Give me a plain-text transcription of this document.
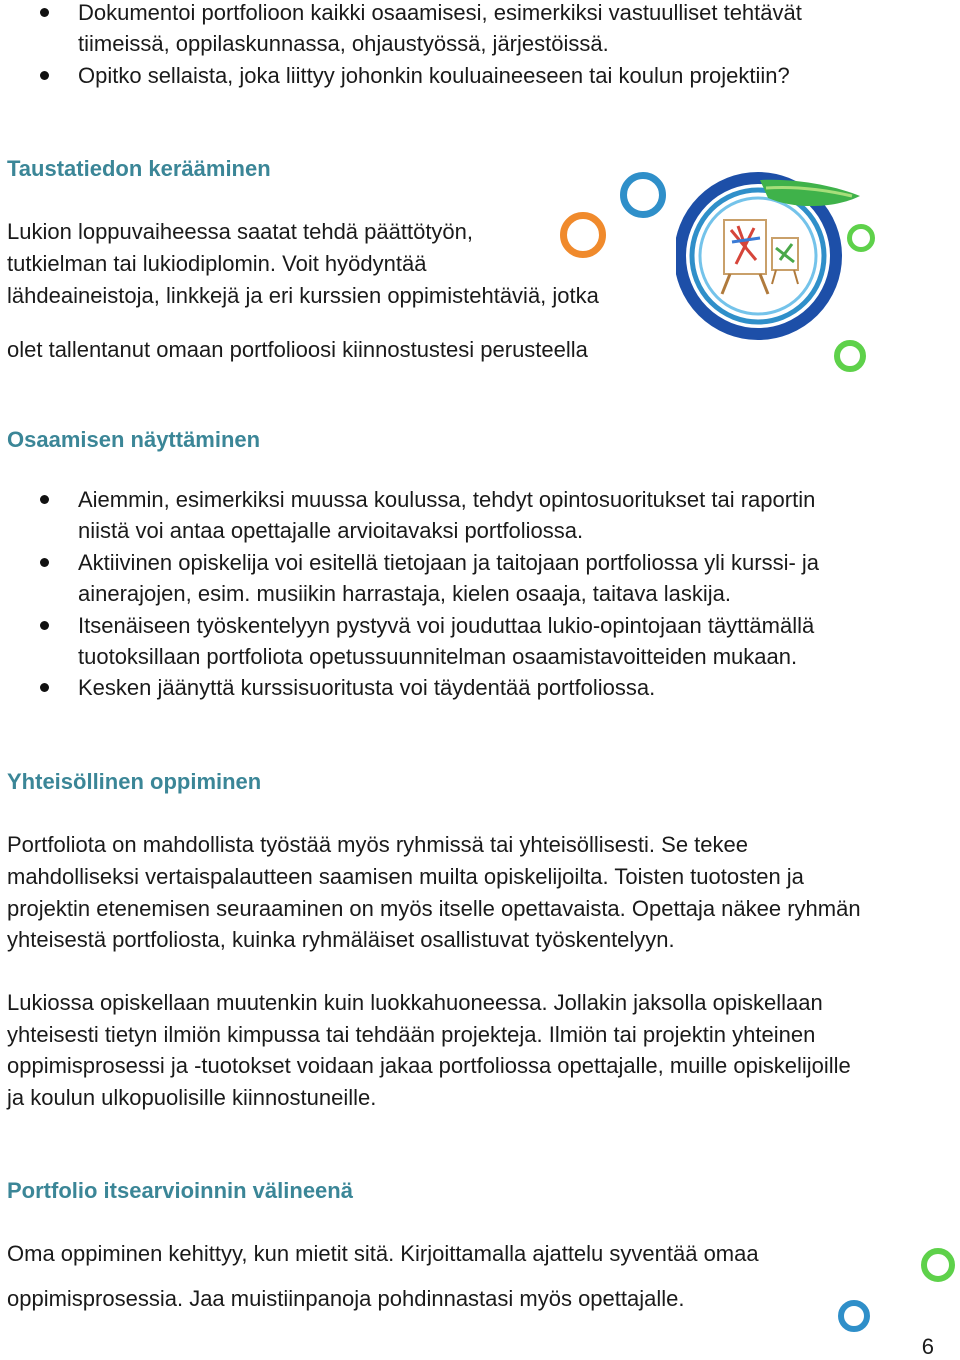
Dokumentoi portfolioon kaikki osaamisesi, esimerkiksi vastuulliset tehtävät
tiimeissä, oppilaskunnassa, ohjaustyössä, järjestöissä.
Opitko sellaista, joka liittyy johonkin kouluaineeseen tai koulun projektiin?
Taustatiedon kerääminen
Lukion loppuvaiheessa saatat tehdä päättötyön,
tutkielman tai lukiodiplomin. Voit hyödyntää
lähdeaineistoja, linkkejä ja eri kurssien oppimistehtäviä, jotka
olet tallentanut omaan portfolioosi kiinnostustesi perusteella
Osaamisen näyttäminen
Aiemmin, esimerkiksi muussa koulussa, tehdyt opintosuoritukset tai raportin
niistä voi antaa opettajalle arvioitavaksi portfoliossa.
Aktiivinen opiskelija voi esitellä tietojaan ja taitojaan portfoliossa yli kurssi- ja
ainerajojen, esim. musiikin harrastaja, kielen osaaja, taitava laskija.
Itsenäiseen työskentelyyn pystyvä voi jouduttaa lukio-opintojaan täyttämällä
tuotoksillaan portfoliota opetussuunnitelman osaamistavoitteiden mukaan.
Kesken jäänyttä kurssisuoritusta voi täydentää portfoliossa.
Yhteisöllinen oppiminen
Portfoliota on mahdollista työstää myös ryhmissä tai yhteisöllisesti. Se tekee
mahdolliseksi vertaispalautteen saamisen muilta opiskelijoilta. Toisten tuotosten ja
projektin etenemisen seuraaminen on myös itselle opettavaista. Opettaja näkee ryhmän
yhteisestä portfoliosta, kuinka ryhmäläiset osallistuvat työskentelyyn.
Lukiossa opiskellaan muutenkin kuin luokkahuoneessa. Jollakin jaksolla opiskellaan
yhteisesti tietyn ilmiön kimpussa tai tehdään projekteja. Ilmiön tai projektin yhteinen
oppimisprosessi ja -tuotokset voidaan jakaa portfoliossa opettajalle, muille opiskelijoille
ja koulun ulkopuolisille kiinnostuneille.
Portfolio itsearvioinnin välineenä
Oma oppiminen kehittyy, kun mietit sitä. Kirjoittamalla ajattelu syventää omaa
oppimisprosessia. Jaa muistiinpanoja pohdinnastasi myös opettajalle.
6
